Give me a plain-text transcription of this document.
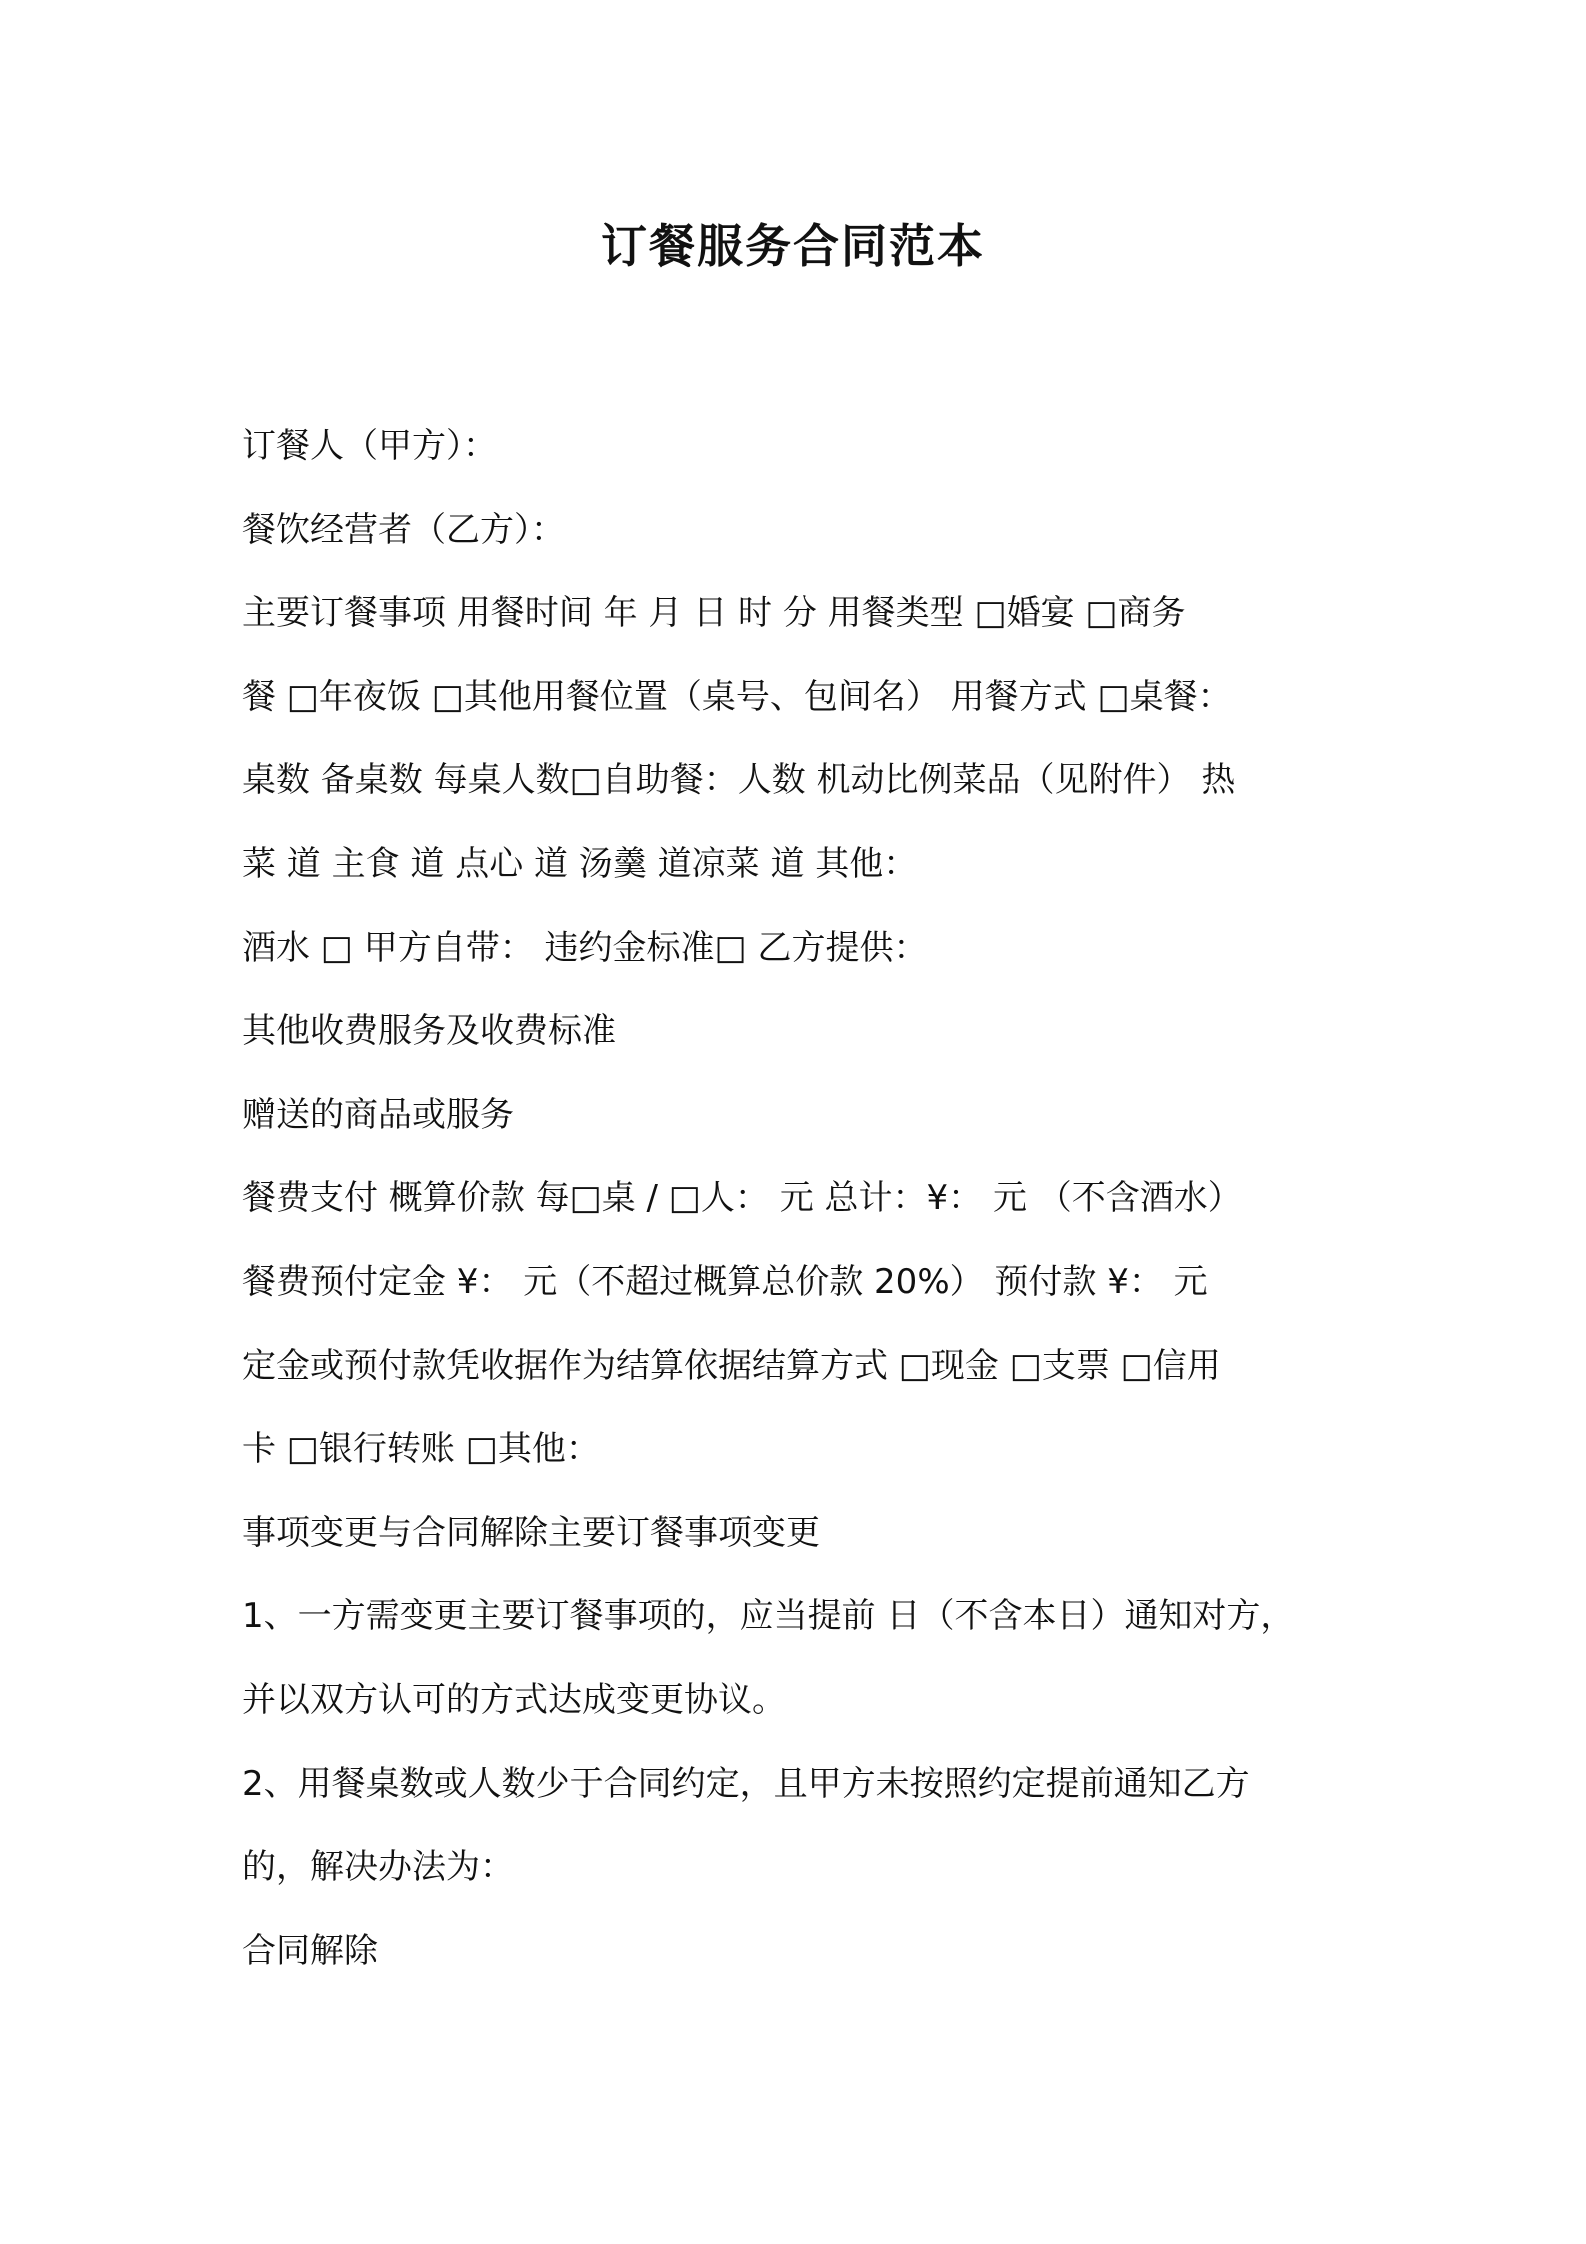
订餐服务合同范本
订餐人（甲方）：
餐饮经营者（乙方）：
主要订餐事项 用餐时间 年 月 日 时 分 用餐类型 □婚宴 □商务
餐 □年夜饭 □其他用餐位置（桌号、包间名） 用餐方式 □桌餐：
桌数 备桌数 每桌人数□自助餐：人数 机动比例菜品（见附件） 热
菜 道 主食 道 点心 道 汤羹 道凉菜 道 其他：
酒水 □ 甲方自带： 违约金标准□ 乙方提供：
其他收费服务及收费标准
赠送的商品或服务
餐费支付 概算价款 每□桌 / □人： 元 总计：¥： 元 （不含酒水）
餐费预付定金 ¥： 元（不超过概算总价款 20%） 预付款 ¥： 元
定金或预付款凭收据作为结算依据结算方式 □现金 □支票 □信用
卡 □银行转账 □其他：
事项变更与合同解除主要订餐事项变更
1、一方需变更主要订餐事项的，应当提前 日（不含本日）通知对方，
并以双方认可的方式达成变更协议。
2、用餐桌数或人数少于合同约定，且甲方未按照约定提前通知乙方
的，解决办法为：
合同解除
